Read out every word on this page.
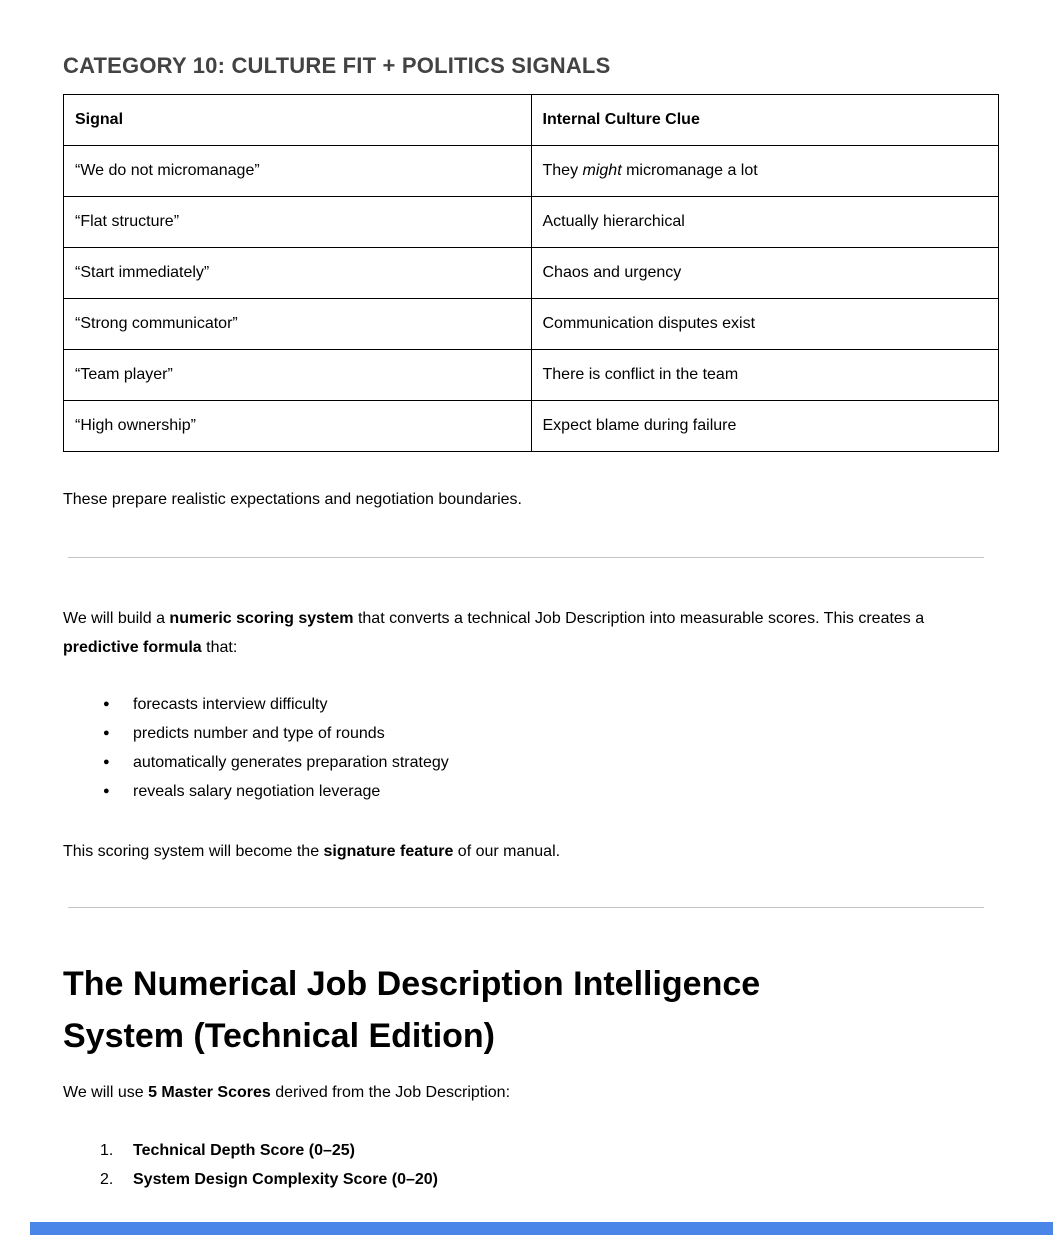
CATEGORY 10: CULTURE FIT + POLITICS SIGNALS
Signal	Internal Culture Clue
“We do not micromanage”	They might micromanage a lot
“Flat structure”	Actually hierarchical
“Start immediately”	Chaos and urgency
“Strong communicator”	Communication disputes exist
“Team player”	There is conflict in the team
“High ownership”	Expect blame during failure

These prepare realistic expectations and negotiation boundaries.

We will build a numeric scoring system that converts a technical Job Description into measurable scores. This creates a predictive formula that:

● forecasts interview difficulty
● predicts number and type of rounds
● automatically generates preparation strategy
● reveals salary negotiation leverage

This scoring system will become the signature feature of our manual.

The Numerical Job Description Intelligence
System (Technical Edition)

We will use 5 Master Scores derived from the Job Description:

1. Technical Depth Score (0–25)
2. System Design Complexity Score (0–20)
